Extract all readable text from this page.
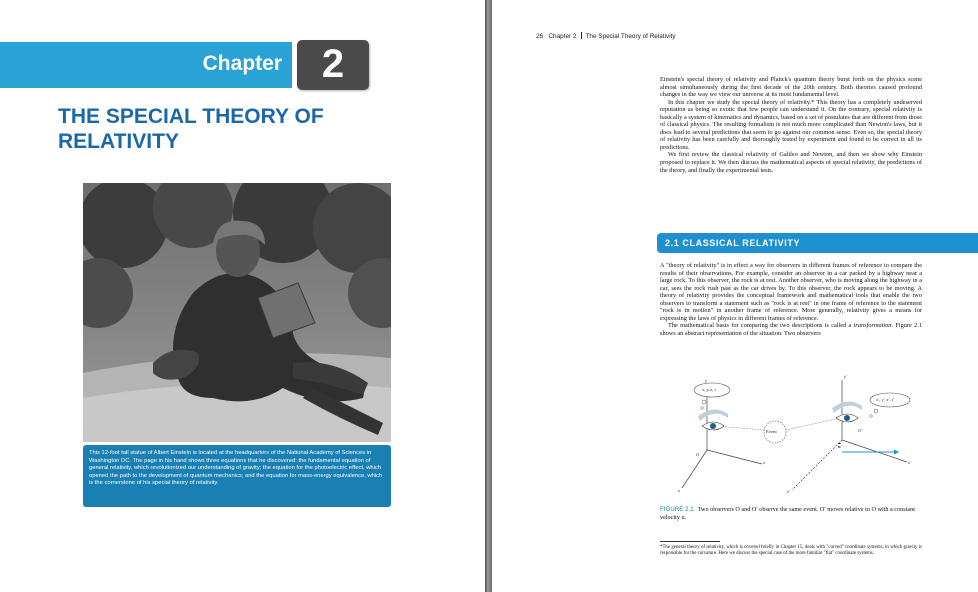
Chapter 2
THE SPECIAL THEORY OF RELATIVITY
This 12-foot tall statue of Albert Einstein is located at the headquarters of the National Academy of Sciences in Washington DC. The page in his hand shows three equations that he discovered: the fundamental equation of general relativity, which revolutionized our understanding of gravity; the equation for the photoelectric effect, which opened the path to the development of quantum mechanics; and the equation for mass-energy equivalence, which is the cornerstone of his special theory of relativity.
26 Chapter 2 The Special Theory of Relativity

Einstein's special theory of relativity and Planck's quantum theory burst forth on the physics scene almost simultaneously during the first decade of the 20th century. Both theories caused profound changes in the way we view our universe at its most fundamental level.

In this chapter we study the special theory of relativity.* This theory has a completely undeserved reputation as being so exotic that few people can understand it. On the contrary, special relativity is basically a system of kinematics and dynamics, based on a set of postulates that are different from those of classical physics. The resulting formalism is not much more complicated than Newton's laws, but it does lead to several predictions that seem to go against our common sense. Even so, the special theory of relativity has been carefully and thoroughly tested by experiment and found to be correct in all its predictions.

We first review the classical relativity of Galileo and Newton, and then we show why Einstein proposed to replace it. We then discuss the mathematical aspects of special relativity, the predictions of the theory, and finally the experimental tests.

2.1 CLASSICAL RELATIVITY

A "theory of relativity" is in effect a way for observers in different frames of reference to compare the results of their observations. For example, consider an observer in a car parked by a highway near a large rock. To this observer, the rock is at rest. Another observer, who is moving along the highway in a car, sees the rock rush past as the car drives by. To this observer, the rock appears to be moving. A theory of relativity provides the conceptual framework and mathematical tools that enable the two observers to transform a statement such as "rock is at rest" in one frame of reference to the statement "rock is in motion" in another frame of reference. More generally, relativity gives a means for expressing the laws of physics in different frames of reference.

The mathematical basis for comparing the two descriptions is called a transformation. Figure 2.1 shows an abstract representation of the situation. Two observers

x, y, z, t
x′, y′, z′, t′
Event
O
O′
x
y
z
x′
y′
z′
$\overline{u}$
FIGURE 2.1 Two observers O and O′ observe the same event. O′ moves relative to O with a constant velocity u.
*The general theory of relativity, which is covered briefly in Chapter 15, deals with "curved" coordinate systems, in which gravity is responsible for the curvature. Here we discuss the special case of the more familiar "flat" coordinate systems.
